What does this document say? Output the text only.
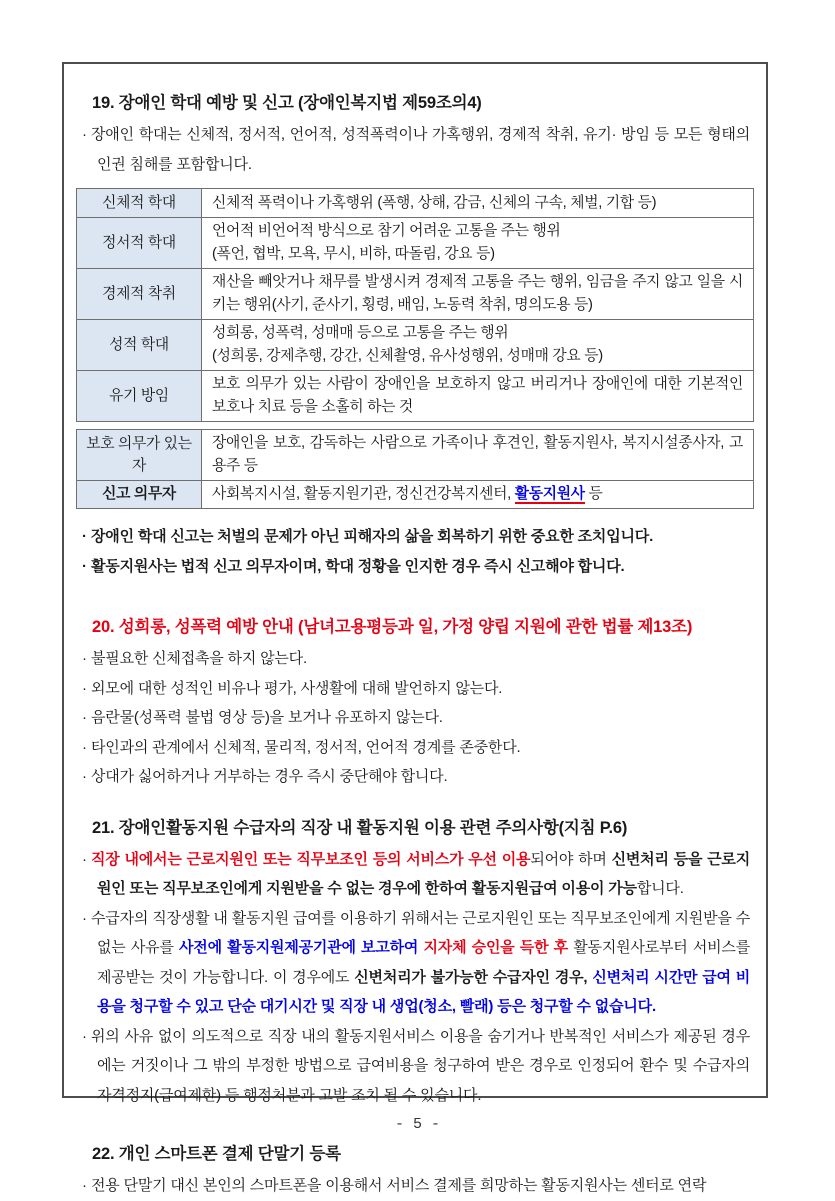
19. 장애인 학대 예방 및 신고 (장애인복지법 제59조의4)

· 장애인 학대는 신체적, 정서적, 언어적, 성적폭력이나 가혹행위, 경제적 착취, 유기· 방임 등 모든 형태의 인권 침해를 포함합니다.

신체적 학대	신체적 폭력이나 가혹행위 (폭행, 상해, 감금, 신체의 구속, 체벌, 기합 등)

정서적 학대	언어적 비언어적 방식으로 참기 어려운 고통을 주는 행위
(폭언, 협박, 모욕, 무시, 비하, 따돌림, 강요 등)

경제적 착취	재산을 빼앗거나 채무를 발생시켜 경제적 고통을 주는 행위, 임금을 주지 않고 일을 시키는 행위(사기, 준사기, 횡령, 배임, 노동력 착취, 명의도용 등)

성적 학대	성희롱, 성폭력, 성매매 등으로 고통을 주는 행위
(성희롱, 강제추행, 강간, 신체촬영, 유사성행위, 성매매 강요 등)

유기 방임	보호 의무가 있는 사람이 장애인을 보호하지 않고 버리거나 장애인에 대한 기본적인 보호나 치료 등을 소홀히 하는 것
보호 의무가 있는 자	장애인을 보호, 감독하는 사람으로 가족이나 후견인, 활동지원사, 복지시설종사자, 고용주 등
신고 의무자	사회복지시설, 활동지원기관, 정신건강복지센터, 활동지원사 등

· 장애인 학대 신고는 처벌의 문제가 아닌 피해자의 삶을 회복하기 위한 중요한 조치입니다.

· 활동지원사는 법적 신고 의무자이며, 학대 정황을 인지한 경우 즉시 신고해야 합니다.

20. 성희롱, 성폭력 예방 안내 (남녀고용평등과 일, 가정 양립 지원에 관한 법률 제13조)

· 불필요한 신체접촉을 하지 않는다.

· 외모에 대한 성적인 비유나 평가, 사생활에 대해 발언하지 않는다.

· 음란물(성폭력 불법 영상 등)을 보거나 유포하지 않는다.

· 타인과의 관계에서 신체적, 물리적, 정서적, 언어적 경계를 존중한다.

· 상대가 싫어하거나 거부하는 경우 즉시 중단해야 합니다.

21. 장애인활동지원 수급자의 직장 내 활동지원 이용 관련 주의사항(지침 P.6)

· 직장 내에서는 근로지원인 또는 직무보조인 등의 서비스가 우선 이용되어야 하며 신변처리 등을 근로지원인 또는 직무보조인에게 지원받을 수 없는 경우에 한하여 활동지원급여 이용이 가능합니다.

· 수급자의 직장생활 내 활동지원 급여를 이용하기 위해서는 근로지원인 또는 직무보조인에게 지원받을 수없는 사유를 사전에 활동지원제공기관에 보고하여 지자체 승인을 득한 후 활동지원사로부터 서비스를 제공받는 것이 가능합니다. 이 경우에도 신변처리가 불가능한 수급자인 경우, 신변처리 시간만 급여 비용을 청구할 수 있고 단순 대기시간 및 직장 내 생업(청소, 빨래) 등은 청구할 수 없습니다.

· 위의 사유 없이 의도적으로 직장 내의 활동지원서비스 이용을 숨기거나 반복적인 서비스가 제공된 경우에는 거짓이나 그 밖의 부정한 방법으로 급여비용을 청구하여 받은 경우로 인정되어 환수 및 수급자의 자격정지(급여제한) 등 행정처분과 고발 조치 될 수 있습니다.

22. 개인 스마트폰 결제 단말기 등록

· 전용 단말기 대신 본인의 스마트폰을 이용해서 서비스 결제를 희망하는 활동지원사는 센터로 연락

- 5 -
